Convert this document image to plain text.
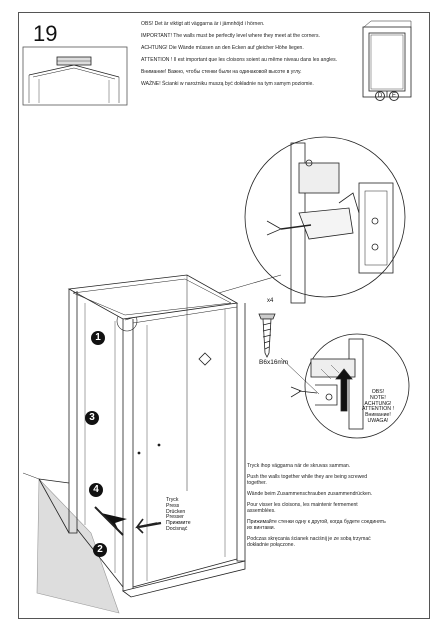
19	OBS! Det är viktigt att väggarna är i jämnhöjd i hörnen.

IMPORTANT! The walls must be perfectly level where they meet at the corners.

ACHTUNG! Die Wände müssen an den Ecken auf gleicher Höhe liegen.

ATTENTION ! Il est important que les cloisons soient au même niveau dans les angles.

Внимание! Важно, чтобы стенки были на одинаковой высоте в углу.

WAŻNE! Ścianki w narożniku muszą być dokładnie na tym samym poziomie.

D	E
x4
B6x16mm
OBS!
NOTE!
ACHTUNG!
ATTENTION !
Внимание!
UWAGA!
Tryck
Press
Drücken
Presser
Прижмите
Docisnąć
1
2
3
4

Tryck ihop väggarna när de skruvas samman.

Push the walls together while they are being screwed together.

Wände beim Zusammenschrauben zusammendrücken.

Pour visser les cloisons, les maintenir fermement assemblées.

Прижимайте стенки одну к другой, когда будете соединять их винтами.

Podczas skręcania ścianek naciśnij je ze sobą trzymać dokładnie połączone.
